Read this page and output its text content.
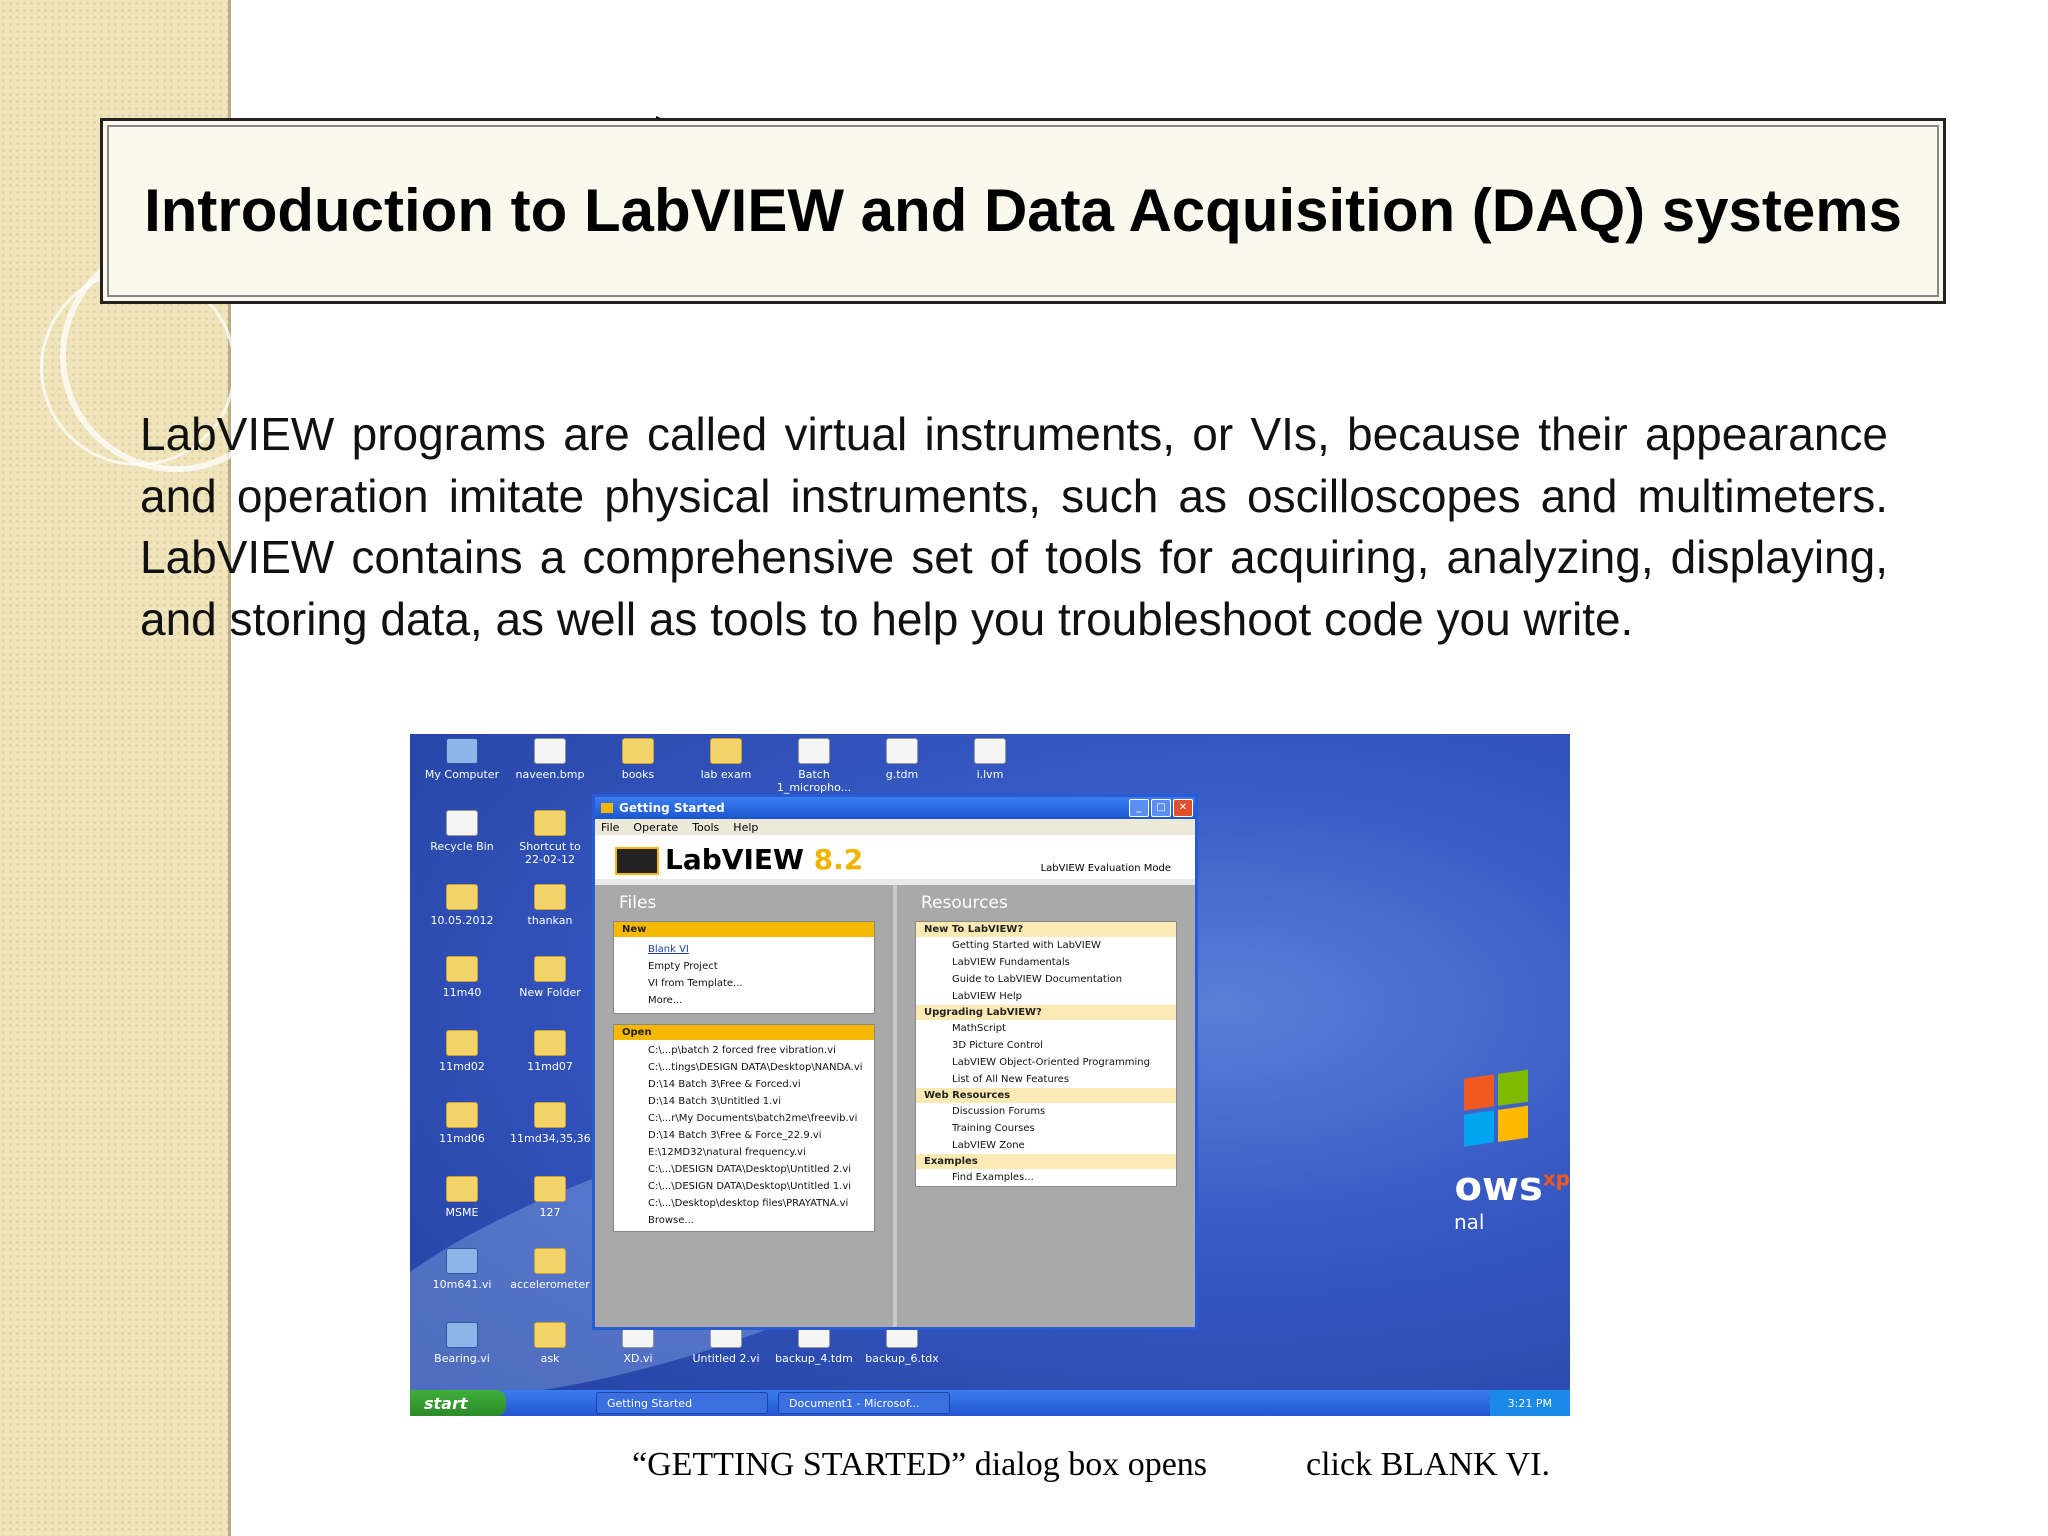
Introduction to LabVIEW and Data Acquisition (DAQ) systems

LabVIEW programs are called virtual instruments, or VIs, because their appearance and operation imitate physical instruments, such as oscilloscopes and multimeters. LabVIEW contains a comprehensive set of tools for acquiring, analyzing, displaying, and storing data, as well as tools to help you troubleshoot code you write.

My Computer	naveen.bmp	books	lab exam	Batch 1_micropho...
g.tdm	i.lvm
Recycle Bin	Shortcut to 22-02-12
10.05.2012	thankan
11m40	New Folder
11md02	11md07
11md06	11md34,35,36
MSME	127
10m641.vi	accelerometer
Bearing.vi	ask	XD.vi	Untitled 2.vi	backup_4.tdm backup_6.tdx
ows$^{xp}$
nal
Getting Started	_	□	✕
File Operate Tools Help
LabVIEW 8.2	LabVIEW Evaluation Mode
Files
New
Blank VI
Empty Project
VI from Template...
More...
Open
C:\...p\batch 2 forced free vibration.vi
C:\...tings\DESIGN DATA\Desktop\NANDA.vi
D:\14 Batch 3\Free & Forced.vi
D:\14 Batch 3\Untitled 1.vi
C:\...r\My Documents\batch2me\freevib.vi
D:\14 Batch 3\Free & Force_22.9.vi
E:\12MD32\natural frequency.vi
C:\...\DESIGN DATA\Desktop\Untitled 2.vi
C:\...\DESIGN DATA\Desktop\Untitled 1.vi
C:\...\Desktop\desktop files\PRAYATNA.vi
Browse...
Resources
New To LabVIEW?
Getting Started with LabVIEW
LabVIEW Fundamentals
Guide to LabVIEW Documentation
LabVIEW Help
Upgrading LabVIEW?
MathScript
3D Picture Control
LabVIEW Object-Oriented Programming
List of All New Features
Web Resources
Discussion Forums
Training Courses
LabVIEW Zone
Examples
Find Examples...
start	Getting Started	Document1 - Microsof...	3:21 PM
“GETTING STARTED” dialog box opens	click BLANK VI.
